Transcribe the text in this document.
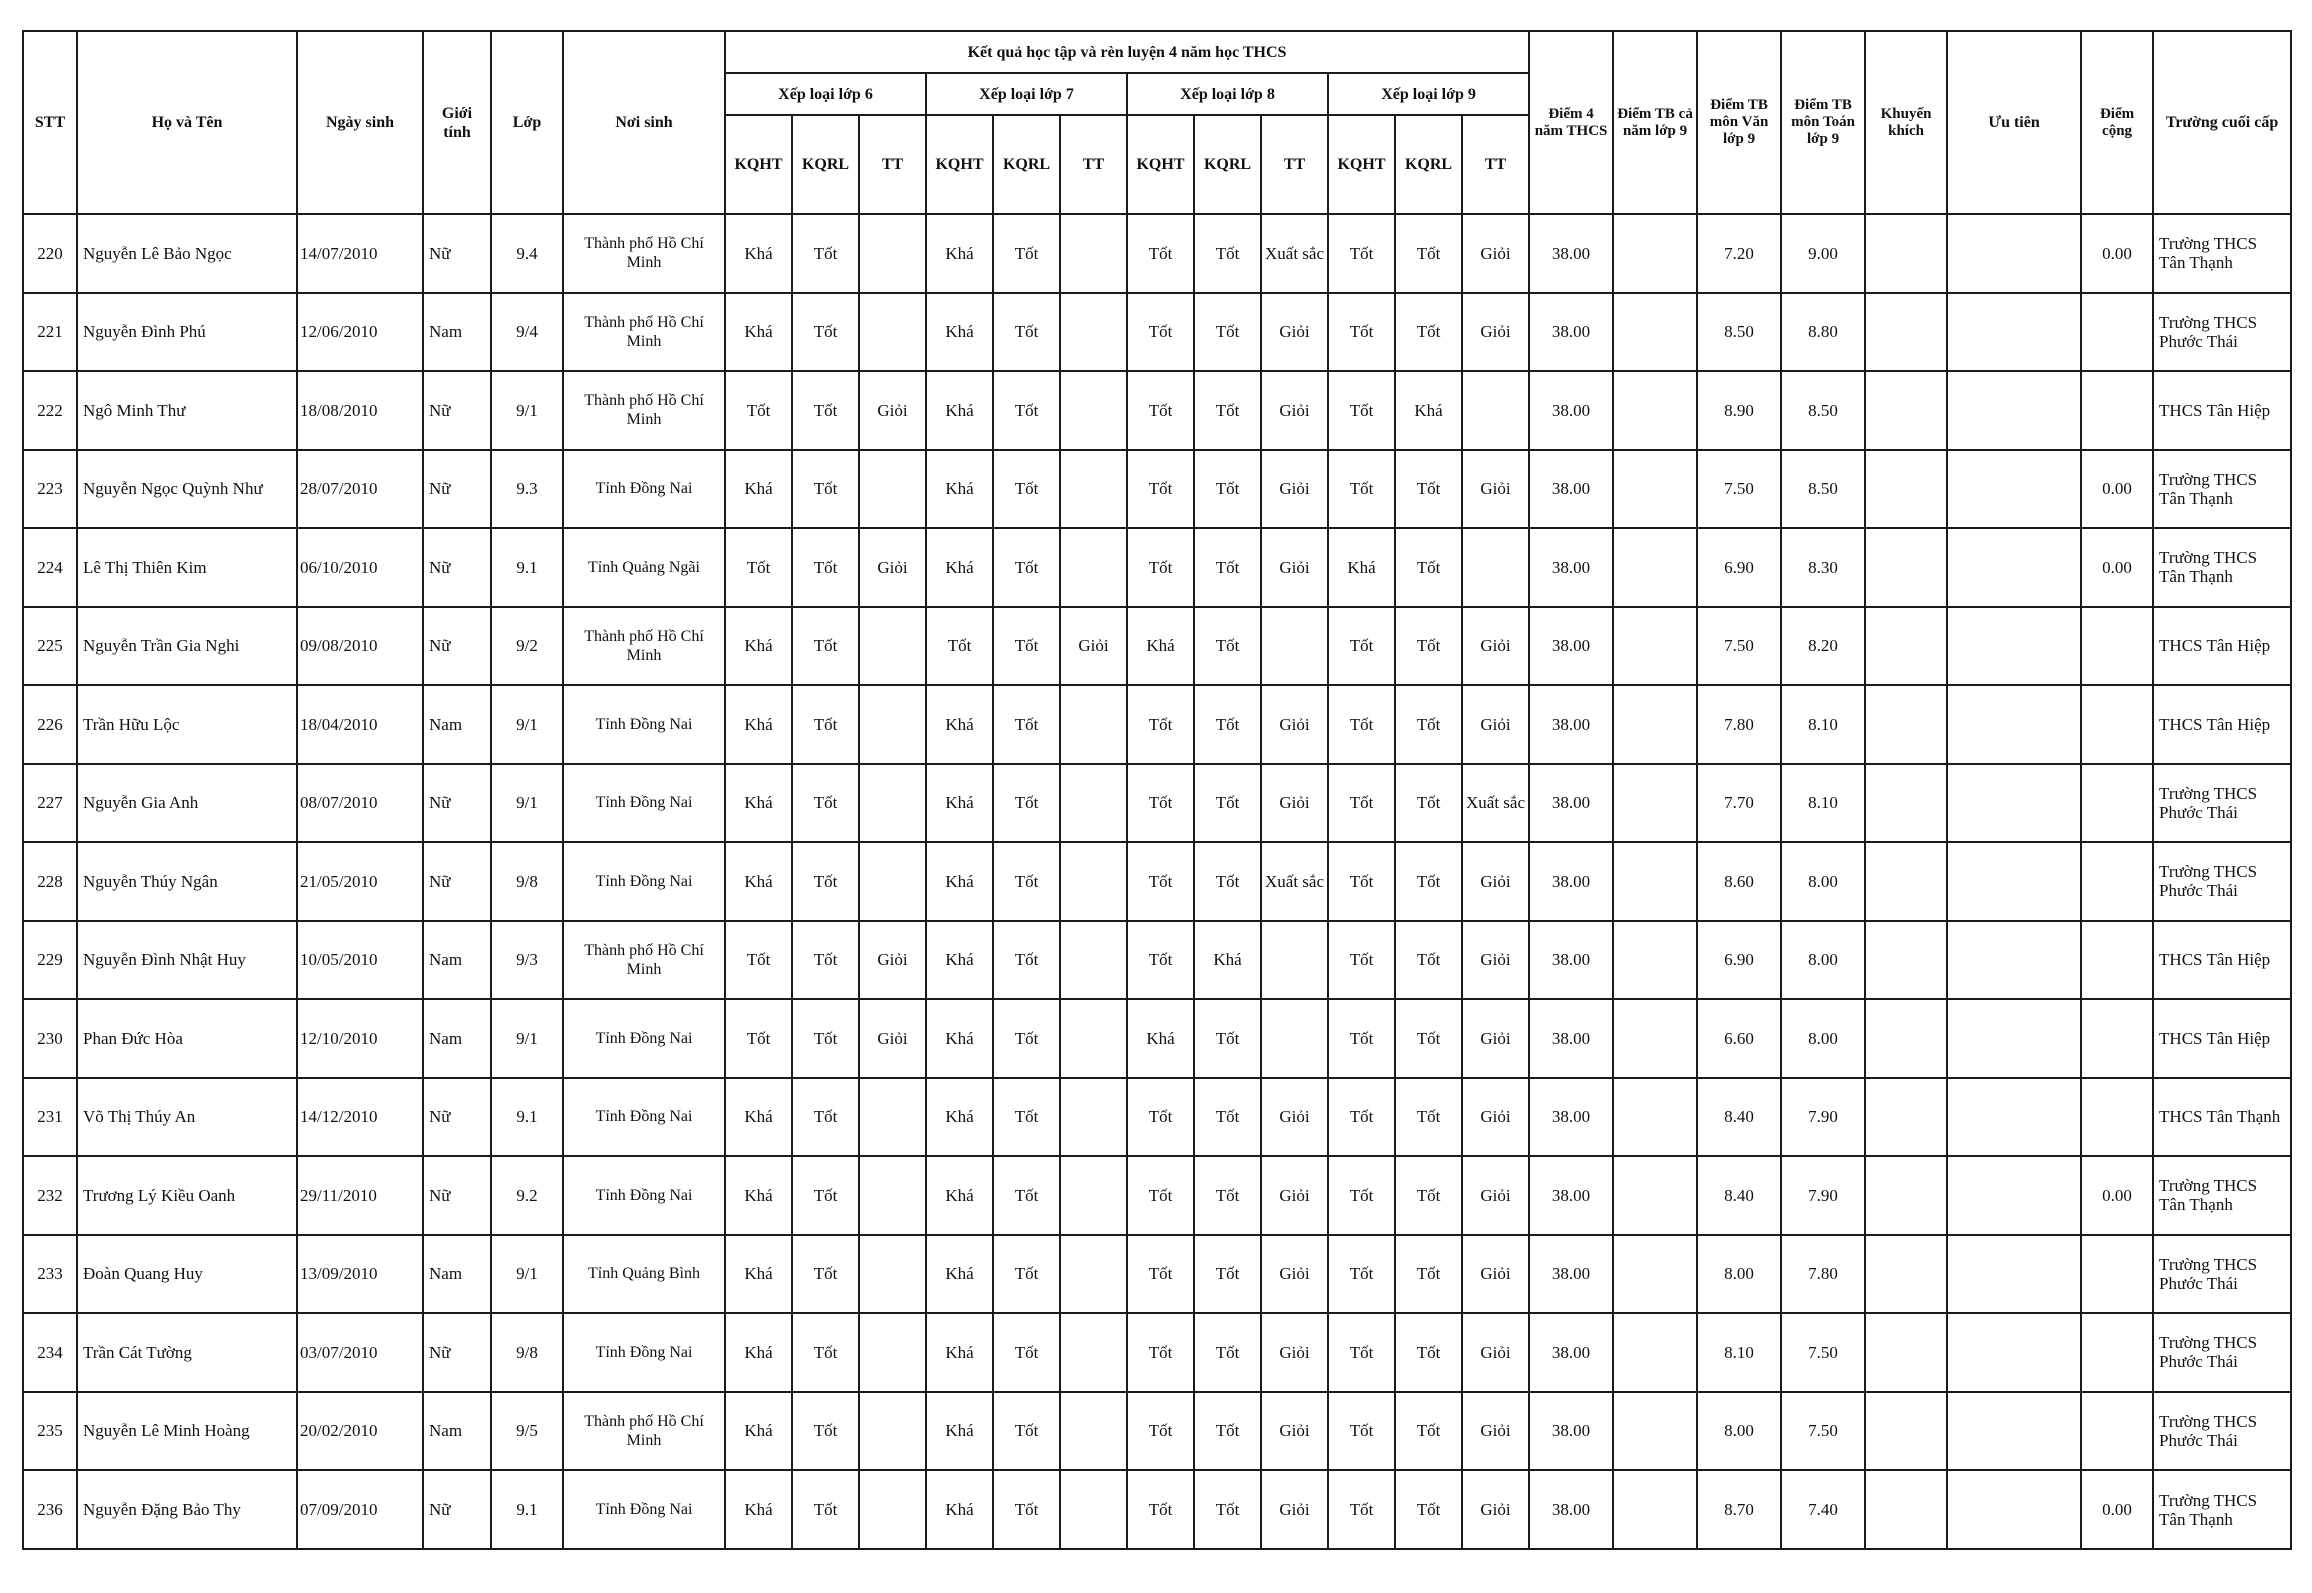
STT	Họ và Tên	Ngày sinh	Giới tính	Lớp	Nơi sinh	Kết quả học tập và rèn luyện 4 năm học THCS												Điểm 4 năm THCS	Điểm TB cả năm lớp 9	Điểm TB môn Văn lớp 9	Điểm TB môn Toán lớp 9	Khuyến khích	Ưu tiên	Điểm cộng	Trường cuối cấp
						Xếp loại lớp 6			Xếp loại lớp 7			Xếp loại lớp 8			Xếp loại lớp 9										
						KQHT	KQRL	TT	KQHT	KQRL	TT	KQHT	KQRL	TT	KQHT	KQRL	TT								
220	Nguyễn Lê Bảo Ngọc	14/07/2010	Nữ	9.4	Thành phố Hồ Chí Minh	Khá	Tốt		Khá	Tốt		Tốt	Tốt	Xuất sắc	Tốt	Tốt	Giỏi	38.00		7.20	9.00			0.00	Trường THCS Tân Thạnh
221	Nguyễn Đình Phú	12/06/2010	Nam	9/4	Thành phố Hồ Chí Minh	Khá	Tốt		Khá	Tốt		Tốt	Tốt	Giỏi	Tốt	Tốt	Giỏi	38.00		8.50	8.80				Trường THCS Phước Thái
222	Ngô Minh Thư	18/08/2010	Nữ	9/1	Thành phố Hồ Chí Minh	Tốt	Tốt	Giỏi	Khá	Tốt		Tốt	Tốt	Giỏi	Tốt	Khá		38.00		8.90	8.50				THCS Tân Hiệp
223	Nguyễn Ngọc Quỳnh Như	28/07/2010	Nữ	9.3	Tỉnh Đồng Nai	Khá	Tốt		Khá	Tốt		Tốt	Tốt	Giỏi	Tốt	Tốt	Giỏi	38.00		7.50	8.50			0.00	Trường THCS Tân Thạnh
224	Lê Thị Thiên Kim	06/10/2010	Nữ	9.1	Tỉnh Quảng Ngãi	Tốt	Tốt	Giỏi	Khá	Tốt		Tốt	Tốt	Giỏi	Khá	Tốt		38.00		6.90	8.30			0.00	Trường THCS Tân Thạnh
225	Nguyễn Trần Gia Nghi	09/08/2010	Nữ	9/2	Thành phố Hồ Chí Minh	Khá	Tốt		Tốt	Tốt	Giỏi	Khá	Tốt		Tốt	Tốt	Giỏi	38.00		7.50	8.20				THCS Tân Hiệp
226	Trần Hữu Lộc	18/04/2010	Nam	9/1	Tỉnh Đồng Nai	Khá	Tốt		Khá	Tốt		Tốt	Tốt	Giỏi	Tốt	Tốt	Giỏi	38.00		7.80	8.10				THCS Tân Hiệp
227	Nguyễn Gia Anh	08/07/2010	Nữ	9/1	Tỉnh Đồng Nai	Khá	Tốt		Khá	Tốt		Tốt	Tốt	Giỏi	Tốt	Tốt	Xuất sắc	38.00		7.70	8.10				Trường THCS Phước Thái
228	Nguyễn Thúy Ngân	21/05/2010	Nữ	9/8	Tỉnh Đồng Nai	Khá	Tốt		Khá	Tốt		Tốt	Tốt	Xuất sắc	Tốt	Tốt	Giỏi	38.00		8.60	8.00				Trường THCS Phước Thái
229	Nguyễn Đình Nhật Huy	10/05/2010	Nam	9/3	Thành phố Hồ Chí Minh	Tốt	Tốt	Giỏi	Khá	Tốt		Tốt	Khá		Tốt	Tốt	Giỏi	38.00		6.90	8.00				THCS Tân Hiệp
230	Phan Đức Hòa	12/10/2010	Nam	9/1	Tỉnh Đồng Nai	Tốt	Tốt	Giỏi	Khá	Tốt		Khá	Tốt		Tốt	Tốt	Giỏi	38.00		6.60	8.00				THCS Tân Hiệp
231	Võ Thị Thúy An	14/12/2010	Nữ	9.1	Tỉnh Đồng Nai	Khá	Tốt		Khá	Tốt		Tốt	Tốt	Giỏi	Tốt	Tốt	Giỏi	38.00		8.40	7.90				THCS Tân Thạnh
232	Trương Lý Kiều Oanh	29/11/2010	Nữ	9.2	Tỉnh Đồng Nai	Khá	Tốt		Khá	Tốt		Tốt	Tốt	Giỏi	Tốt	Tốt	Giỏi	38.00		8.40	7.90			0.00	Trường THCS Tân Thạnh
233	Đoàn Quang Huy	13/09/2010	Nam	9/1	Tỉnh Quảng Bình	Khá	Tốt		Khá	Tốt		Tốt	Tốt	Giỏi	Tốt	Tốt	Giỏi	38.00		8.00	7.80				Trường THCS Phước Thái
234	Trần Cát Tường	03/07/2010	Nữ	9/8	Tỉnh Đồng Nai	Khá	Tốt		Khá	Tốt		Tốt	Tốt	Giỏi	Tốt	Tốt	Giỏi	38.00		8.10	7.50				Trường THCS Phước Thái
235	Nguyễn Lê Minh Hoàng	20/02/2010	Nam	9/5	Thành phố Hồ Chí Minh	Khá	Tốt		Khá	Tốt		Tốt	Tốt	Giỏi	Tốt	Tốt	Giỏi	38.00		8.00	7.50				Trường THCS Phước Thái
236	Nguyễn Đặng Bảo Thy	07/09/2010	Nữ	9.1	Tỉnh Đồng Nai	Khá	Tốt		Khá	Tốt		Tốt	Tốt	Giỏi	Tốt	Tốt	Giỏi	38.00		8.70	7.40			0.00	Trường THCS Tân Thạnh
